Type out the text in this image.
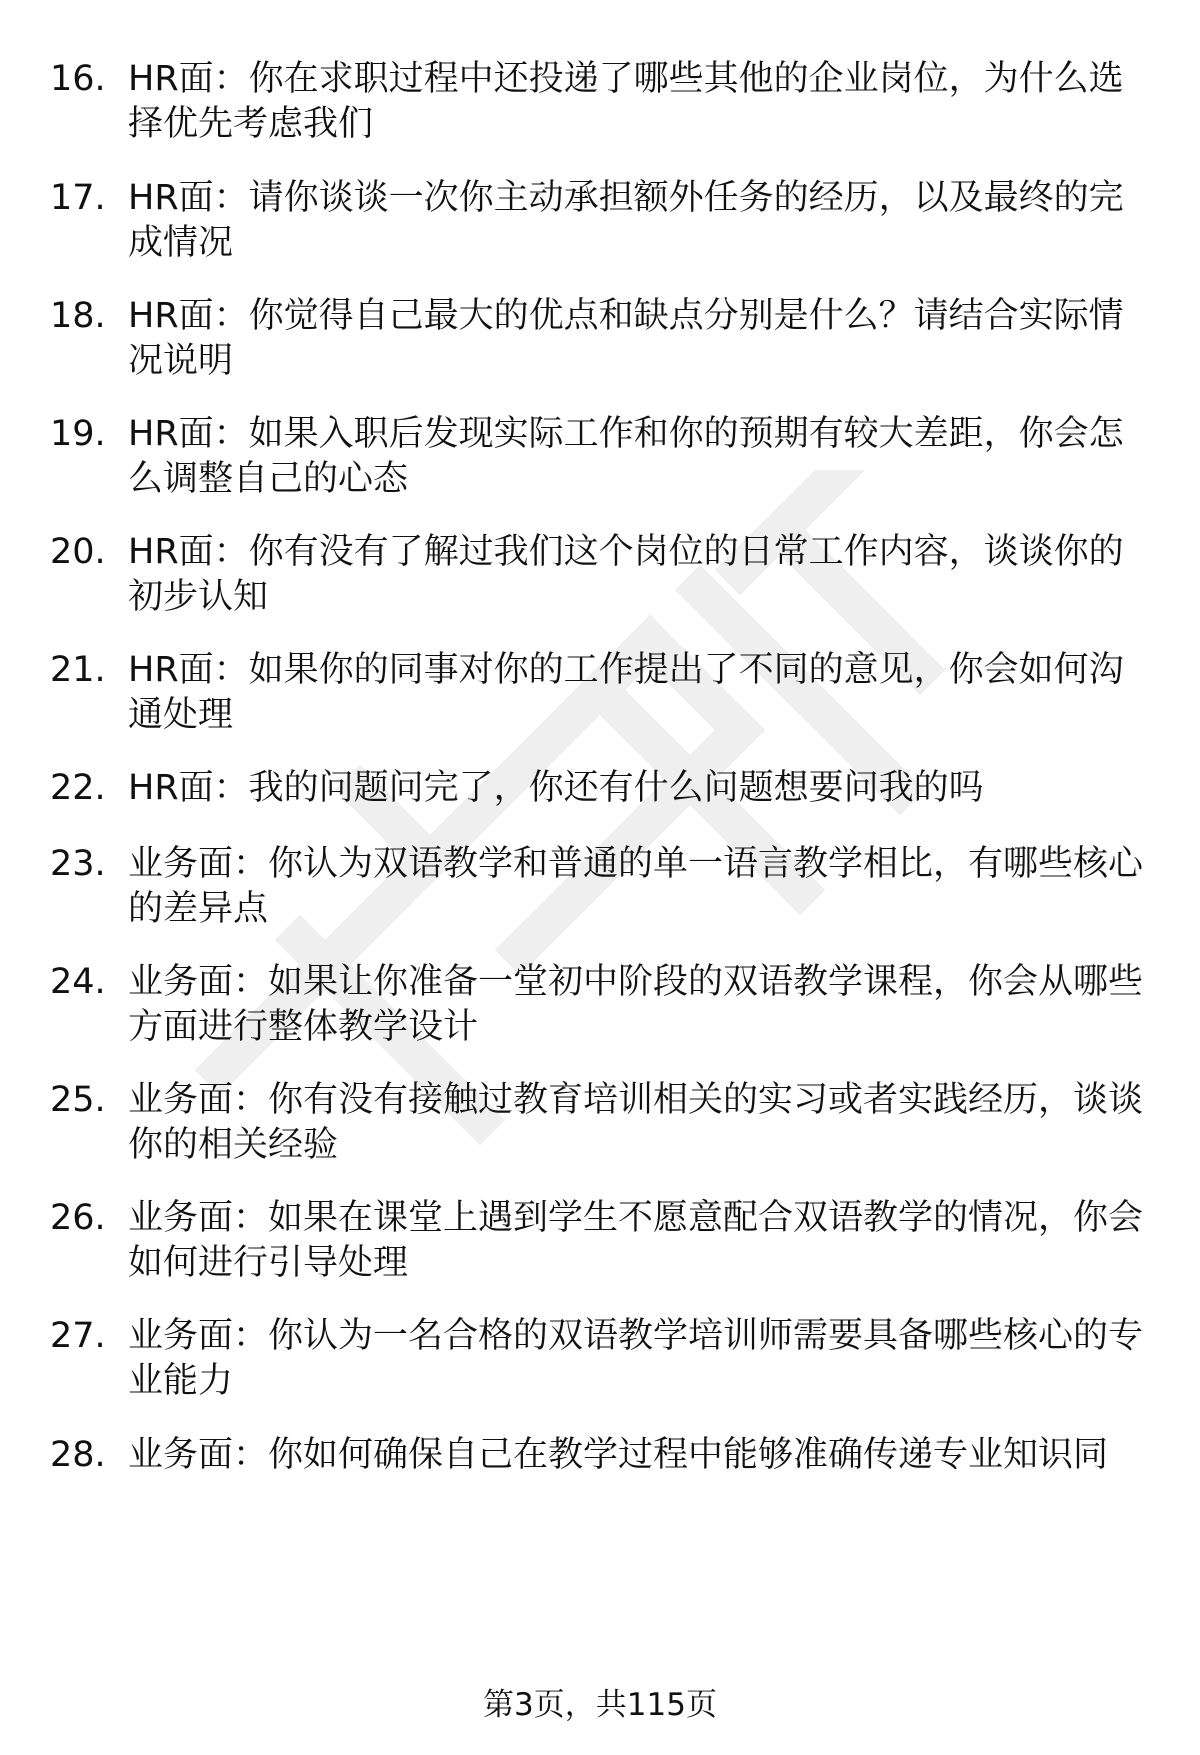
16. HR面：你在求职过程中还投递了哪些其他的企业岗位，为什么选择优先考虑我们
17. HR面：请你谈谈一次你主动承担额外任务的经历，以及最终的完成情况
18. HR面：你觉得自己最大的优点和缺点分别是什么？请结合实际情况说明
19. HR面：如果入职后发现实际工作和你的预期有较大差距，你会怎么调整自己的心态
20. HR面：你有没有了解过我们这个岗位的日常工作内容，谈谈你的初步认知
21. HR面：如果你的同事对你的工作提出了不同的意见，你会如何沟通处理
22. HR面：我的问题问完了，你还有什么问题想要问我的吗
23. 业务面：你认为双语教学和普通的单一语言教学相比，有哪些核心的差异点
24. 业务面：如果让你准备一堂初中阶段的双语教学课程，你会从哪些方面进行整体教学设计
25. 业务面：你有没有接触过教育培训相关的实习或者实践经历，谈谈你的相关经验
26. 业务面：如果在课堂上遇到学生不愿意配合双语教学的情况，你会如何进行引导处理
27. 业务面：你认为一名合格的双语教学培训师需要具备哪些核心的专业能力
28. 业务面：你如何确保自己在教学过程中能够准确传递专业知识同
第3页，共115页
